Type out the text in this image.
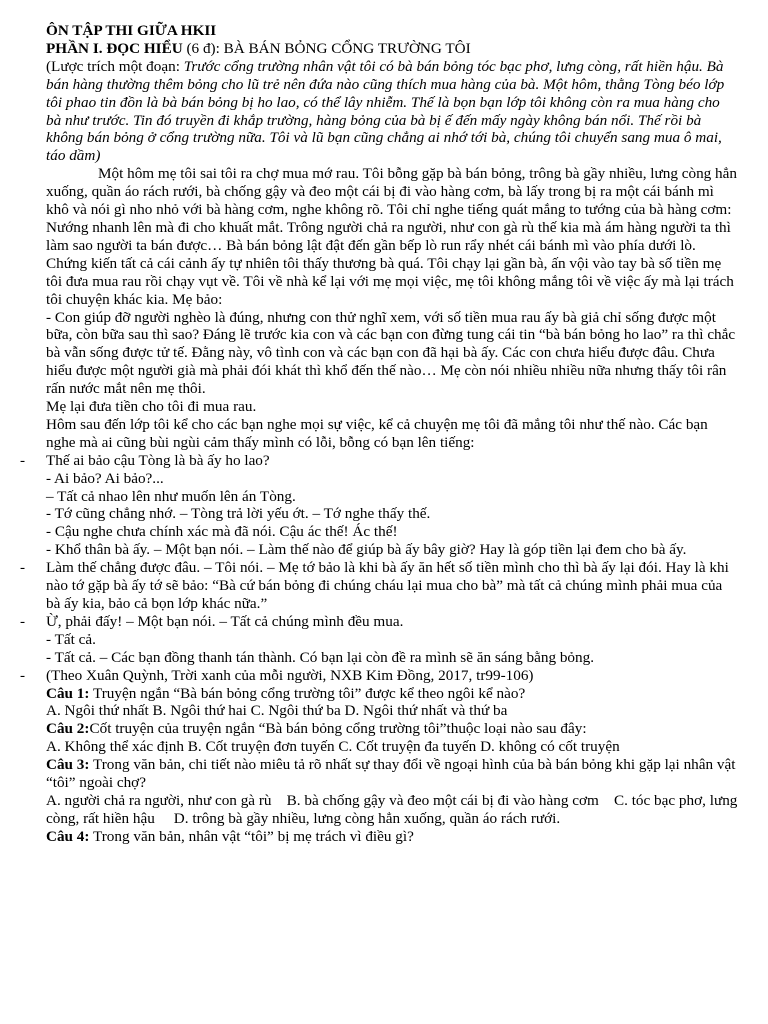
ÔN TẬP THI GIỮA HKII

PHẦN I. ĐỌC HIỂU (6 đ): BÀ BÁN BỎNG CỔNG TRƯỜNG TÔI

(Lược trích một đoạn: Trước cổng trường nhân vật tôi có bà bán bỏng tóc bạc phơ, lưng còng, rất hiền hậu. Bà bán hàng thường thêm bỏng cho lũ trẻ nên đứa nào cũng thích mua hàng của bà. Một hôm, thằng Tòng béo lớp tôi phao tin đồn là bà bán bỏng bị ho lao, có thể lây nhiễm. Thế là bọn bạn lớp tôi không còn ra mua hàng cho bà như trước. Tin đó truyền đi khắp trường, hàng bỏng của bà bị ế đến mấy ngày không bán nổi. Thế rồi bà không bán bỏng ở cổng trường nữa. Tôi và lũ bạn cũng chẳng ai nhớ tới bà, chúng tôi chuyển sang mua ô mai, táo dầm)

Một hôm mẹ tôi sai tôi ra chợ mua mớ rau. Tôi bỗng gặp bà bán bỏng, trông bà gầy nhiều, lưng còng hẳn xuống, quần áo rách rưới, bà chống gậy và đeo một cái bị đi vào hàng cơm, bà lấy trong bị ra một cái bánh mì khô và nói gì nho nhỏ với bà hàng cơm, nghe không rõ. Tôi chỉ nghe tiếng quát mắng to tướng của bà hàng cơm:

Nướng nhanh lên mà đi cho khuất mắt. Trông người chả ra người, như con gà rù thế kia mà ám hàng người ta thì làm sao người ta bán được… Bà bán bỏng lật đật đến gần bếp lò run rẩy nhét cái bánh mì vào phía dưới lò. Chứng kiến tất cả cái cảnh ấy tự nhiên tôi thấy thương bà quá. Tôi chạy lại gần bà, ấn vội vào tay bà số tiền mẹ tôi đưa mua rau rồi chạy vụt về. Tôi về nhà kể lại với mẹ mọi việc, mẹ tôi không mắng tôi về việc ấy mà lại trách tôi chuyện khác kia. Mẹ bảo:

- Con giúp đỡ người nghèo là đúng, nhưng con thử nghĩ xem, với số tiền mua rau ấy bà giả chỉ sống được một bữa, còn bữa sau thì sao? Đáng lẽ trước kia con và các bạn con đừng tung cái tin “bà bán bỏng ho lao” ra thì chắc bà vẫn sống được tử tế. Đằng này, vô tình con và các bạn con đã hại bà ấy. Các con chưa hiểu được đâu. Chưa hiểu được một người già mà phải đói khát thì khổ đến thế nào… Mẹ còn nói nhiều nhiều nữa nhưng thấy tôi rân rấn nước mắt nên mẹ thôi.

Mẹ lại đưa tiền cho tôi đi mua rau.

Hôm sau đến lớp tôi kể cho các bạn nghe mọi sự việc, kể cả chuyện mẹ tôi đã mắng tôi như thế nào. Các bạn nghe mà ai cũng bùi ngùi cảm thấy mình có lỗi, bỗng có bạn lên tiếng:

- Thế ai bảo cậu Tòng là bà ấy ho lao?

- Ai bảo? Ai bảo?...

– Tất cả nhao lên như muốn lên án Tòng.

- Tớ cũng chẳng nhớ. – Tòng trả lời yếu ớt. – Tớ nghe thấy thế.

- Cậu nghe chưa chính xác mà đã nói. Cậu ác thế! Ác thế!

- Khổ thân bà ấy. – Một bạn nói. – Làm thế nào để giúp bà ấy bây giờ? Hay là góp tiền lại đem cho bà ấy.

- Làm thế chẳng được đâu. – Tôi nói. – Mẹ tớ bảo là khi bà ấy ăn hết số tiền mình cho thì bà ấy lại đói. Hay là khi nào tớ gặp bà ấy tớ sẽ bảo: “Bà cứ bán bỏng đi chúng cháu lại mua cho bà” mà tất cả chúng mình phải mua của bà ấy kia, bảo cả bọn lớp khác nữa.”

- Ừ, phải đấy! – Một bạn nói. – Tất cả chúng mình đều mua.

- Tất cả.

- Tất cả. – Các bạn đồng thanh tán thành. Có bạn lại còn đề ra mình sẽ ăn sáng bằng bỏng.

- (Theo Xuân Quỳnh, Trời xanh của mỗi người, NXB Kim Đồng, 2017, tr99-106)

Câu 1: Truyện ngắn “Bà bán bỏng cổng trường tôi” được kể theo ngôi kể nào?

A. Ngôi thứ nhất B. Ngôi thứ hai C. Ngôi thứ ba D. Ngôi thứ nhất và thứ ba

Câu 2:Cốt truyện của truyện ngắn “Bà bán bỏng cổng trường tôi”thuộc loại nào sau đây:

A. Không thể xác định B. Cốt truyện đơn tuyến C. Cốt truyện đa tuyến D. không có cốt truyện

Câu 3: Trong văn bản, chi tiết nào miêu tả rõ nhất sự thay đổi về ngoại hình của bà bán bỏng khi gặp lại nhân vật “tôi” ngoài chợ?

A. người chả ra người, như con gà rù    B. bà chống gậy và đeo một cái bị đi vào hàng cơm    C. tóc bạc phơ, lưng còng, rất hiền hậu     D. trông bà gầy nhiều, lưng còng hẳn xuống, quần áo rách rưới.

Câu 4: Trong văn bản, nhân vật “tôi” bị mẹ trách vì điều gì?
